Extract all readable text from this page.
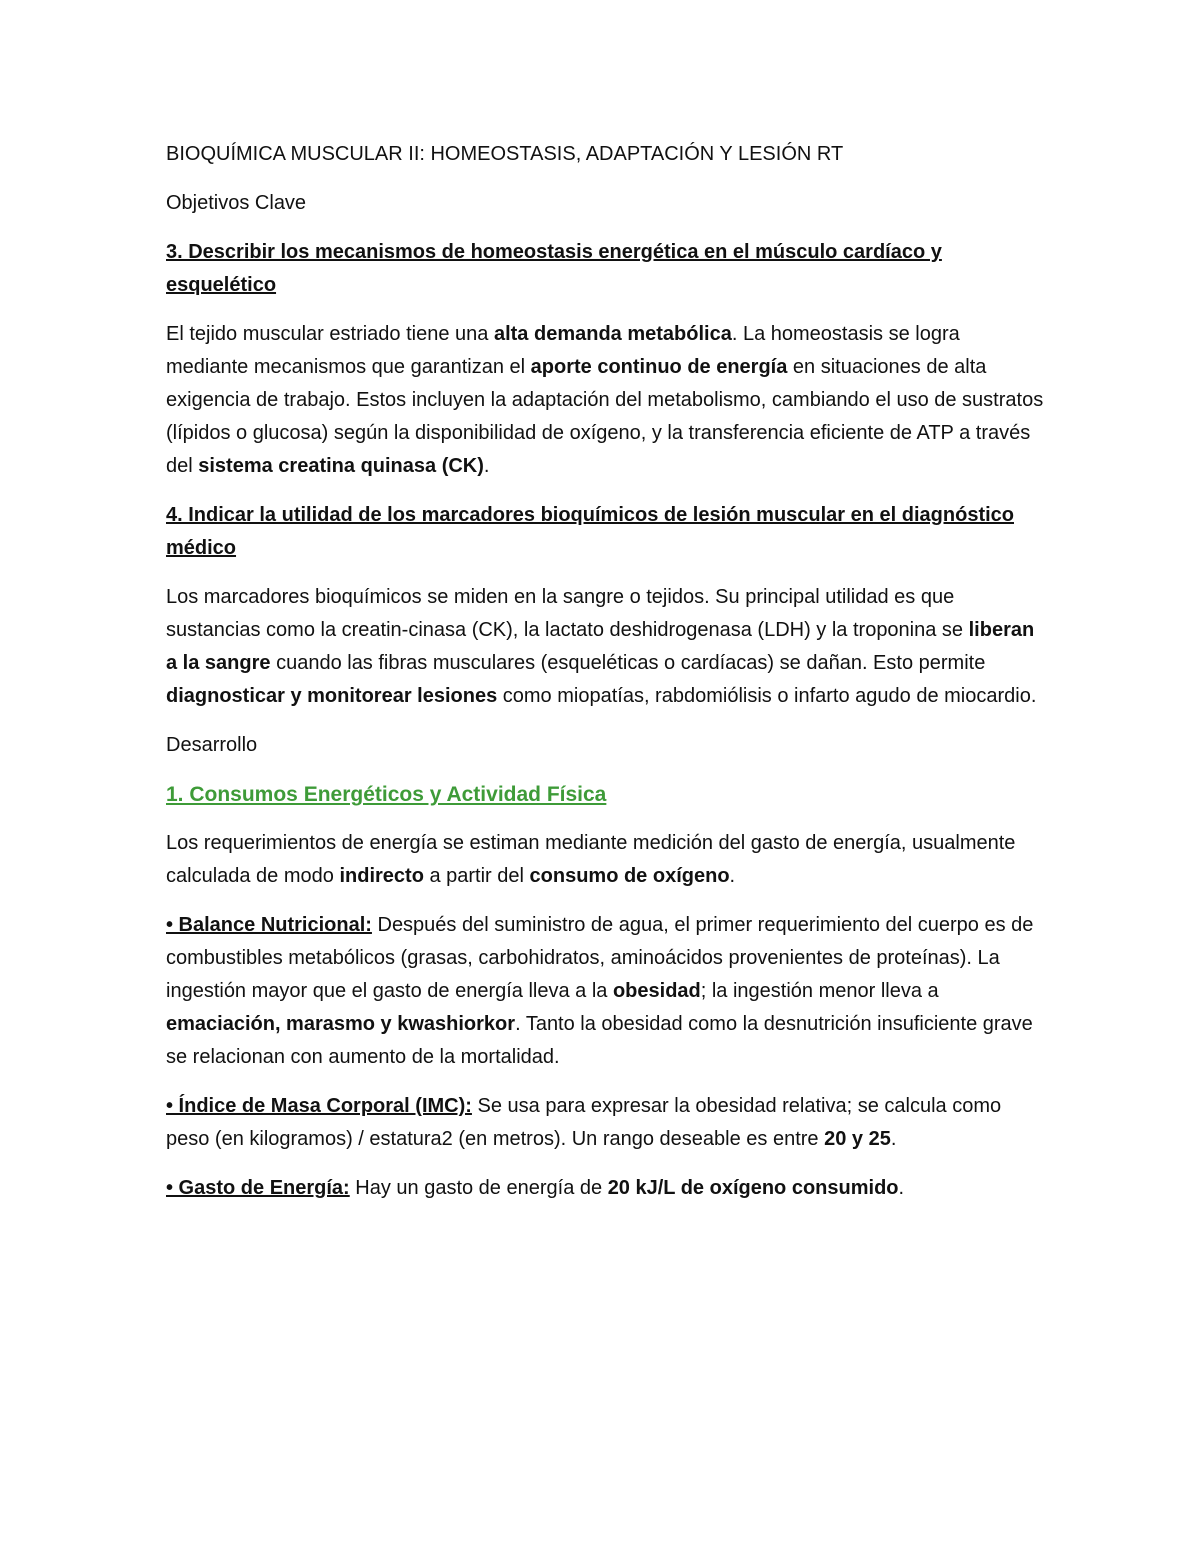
BIOQUÍMICA MUSCULAR II: HOMEOSTASIS, ADAPTACIÓN Y LESIÓN RT

Objetivos Clave

3. Describir los mecanismos de homeostasis energética en el músculo cardíaco y esquelético

El tejido muscular estriado tiene una alta demanda metabólica. La homeostasis se logra mediante mecanismos que garantizan el aporte continuo de energía en situaciones de alta exigencia de trabajo. Estos incluyen la adaptación del metabolismo, cambiando el uso de sustratos (lípidos o glucosa) según la disponibilidad de oxígeno, y la transferencia eficiente de ATP a través del sistema creatina quinasa (CK).

4. Indicar la utilidad de los marcadores bioquímicos de lesión muscular en el diagnóstico médico

Los marcadores bioquímicos se miden en la sangre o tejidos. Su principal utilidad es que sustancias como la creatin-cinasa (CK), la lactato deshidrogenasa (LDH) y la troponina se liberan a la sangre cuando las fibras musculares (esqueléticas o cardíacas) se dañan. Esto permite diagnosticar y monitorear lesiones como miopatías, rabdomiólisis o infarto agudo de miocardio.

Desarrollo

1. Consumos Energéticos y Actividad Física

Los requerimientos de energía se estiman mediante medición del gasto de energía, usualmente calculada de modo indirecto a partir del consumo de oxígeno.

• Balance Nutricional: Después del suministro de agua, el primer requerimiento del cuerpo es de combustibles metabólicos (grasas, carbohidratos, aminoácidos provenientes de proteínas). La ingestión mayor que el gasto de energía lleva a la obesidad; la ingestión menor lleva a emaciación, marasmo y kwashiorkor. Tanto la obesidad como la desnutrición insuficiente grave se relacionan con aumento de la mortalidad.

• Índice de Masa Corporal (IMC): Se usa para expresar la obesidad relativa; se calcula como peso (en kilogramos) / estatura2 (en metros). Un rango deseable es entre 20 y 25.

• Gasto de Energía: Hay un gasto de energía de 20 kJ/L de oxígeno consumido.
